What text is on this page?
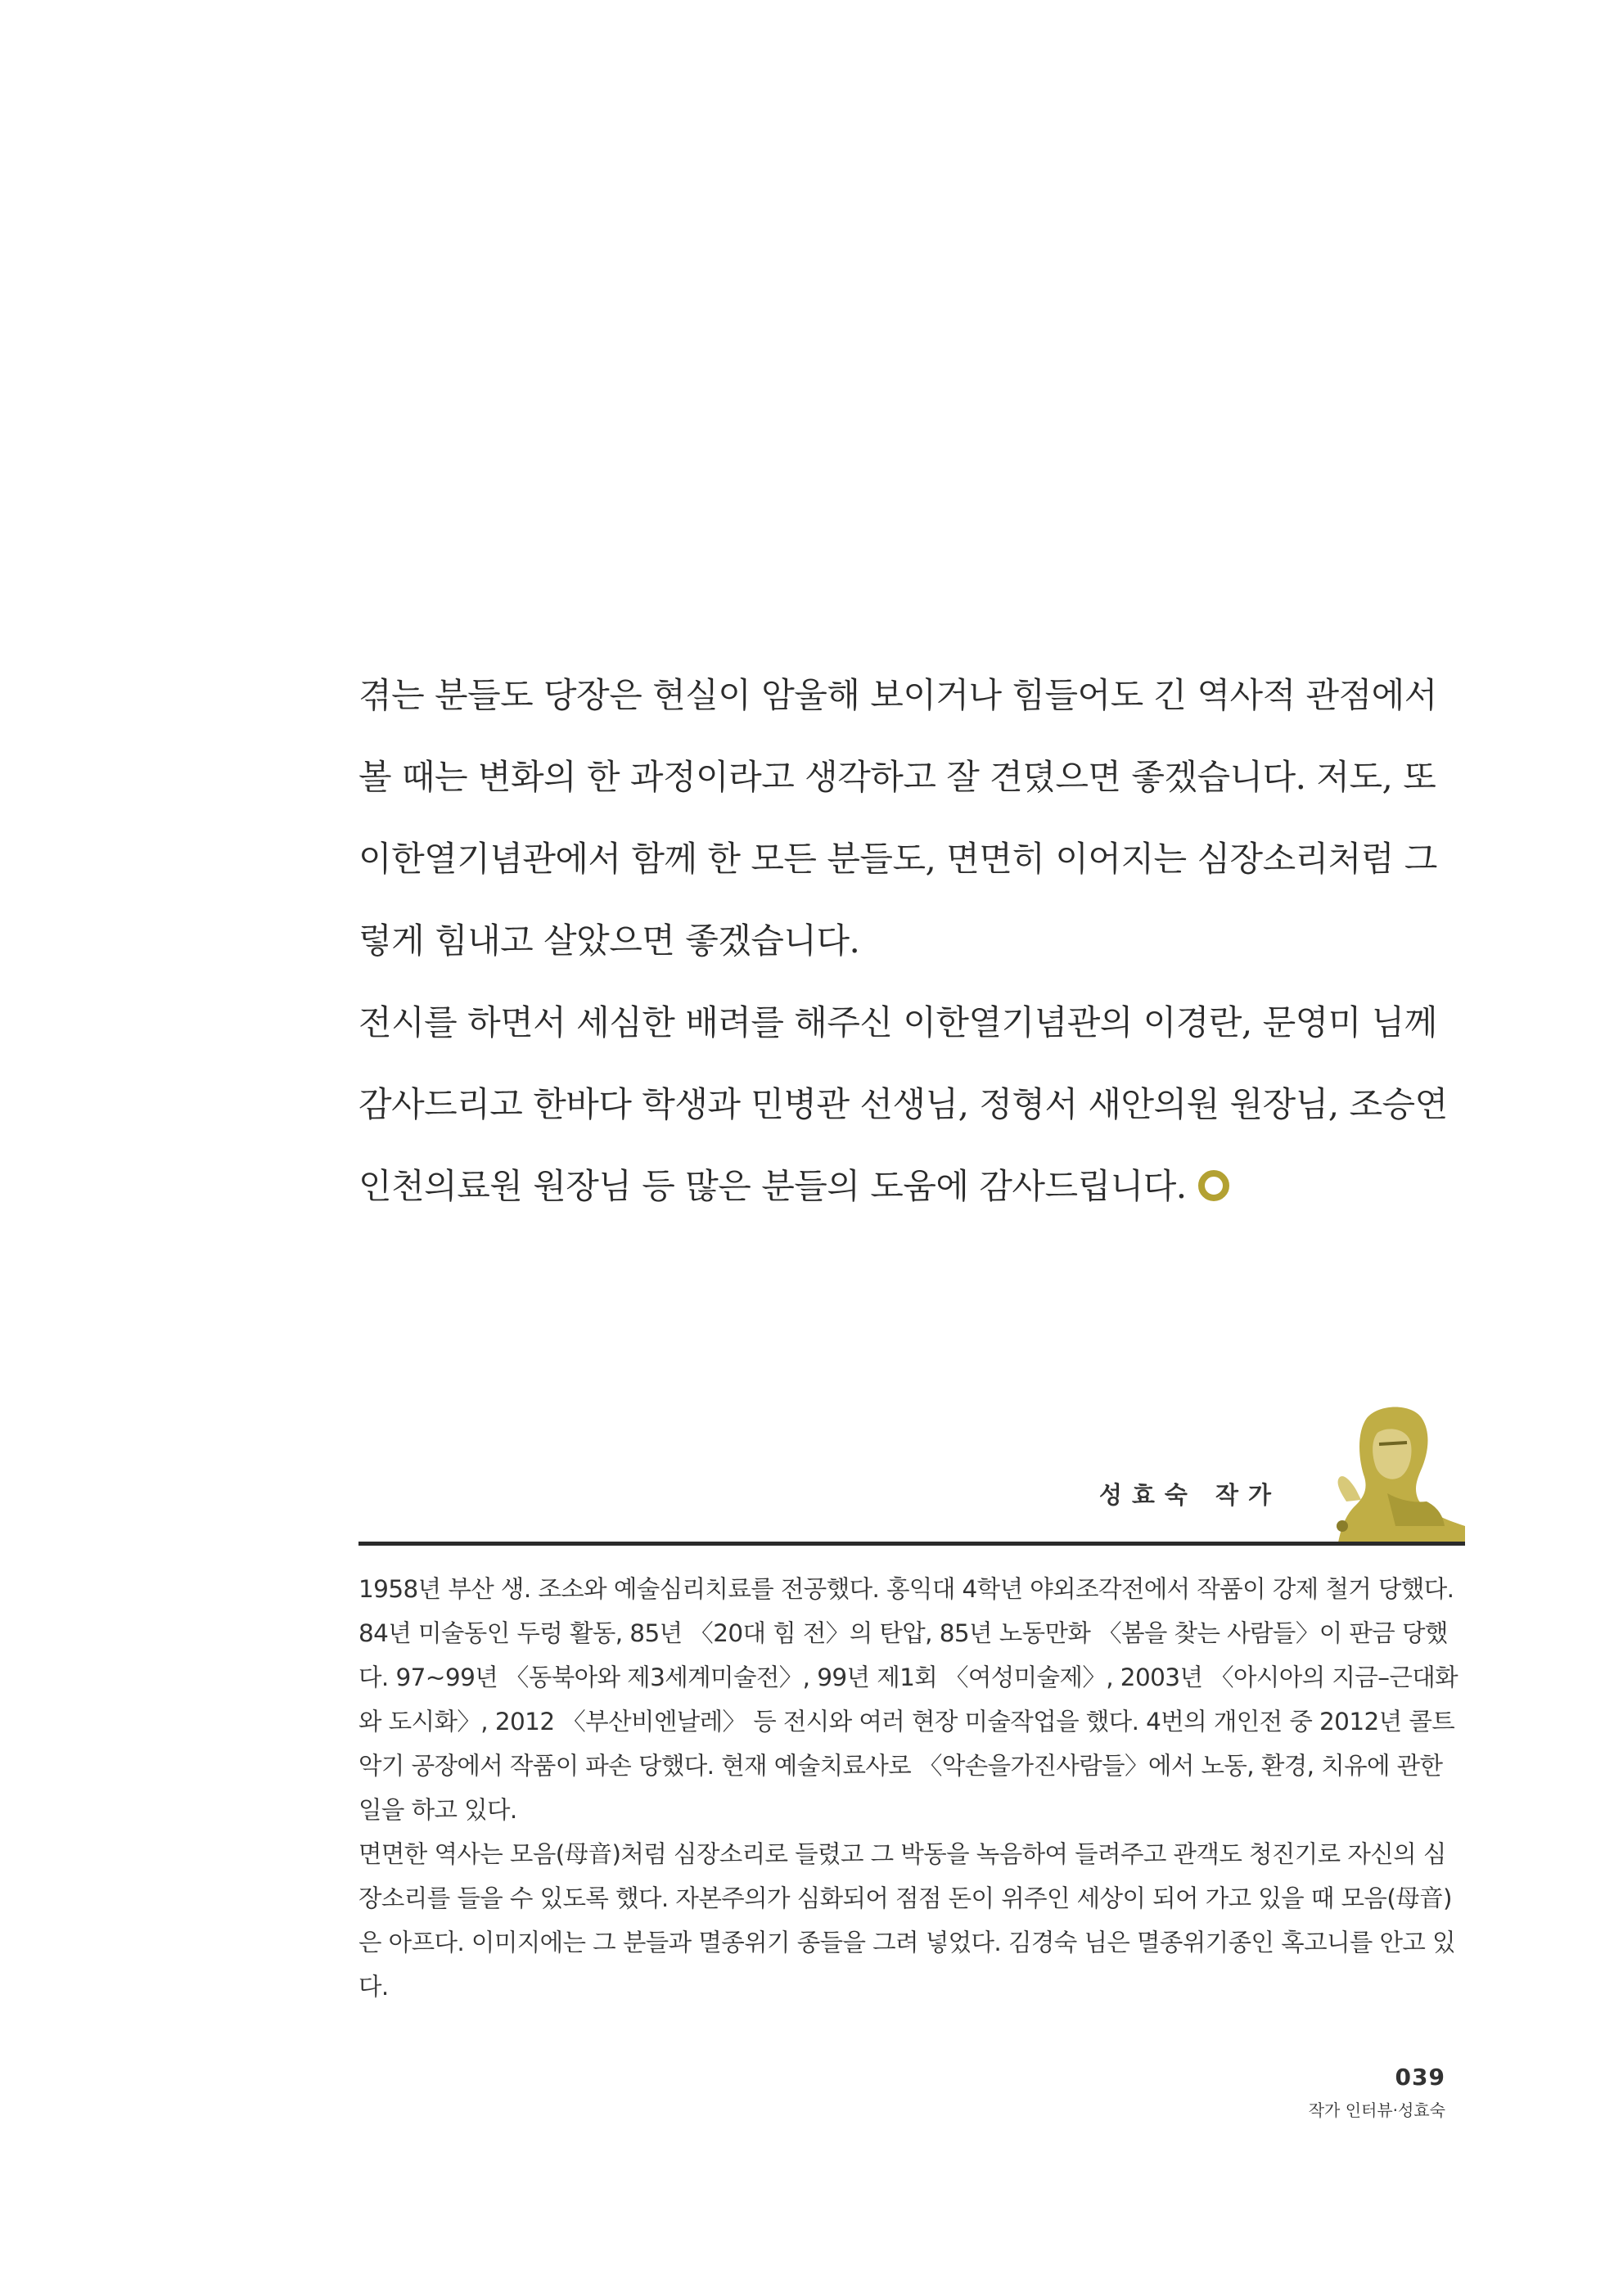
겪는 분들도 당장은 현실이 암울해 보이거나 힘들어도 긴 역사적 관점에서 볼 때는 변화의 한 과정이라고 생각하고 잘 견뎠으면 좋겠습니다. 저도, 또 이한열기념관에서 함께 한 모든 분들도, 면면히 이어지는 심장소리처럼 그렇게 힘내고 살았으면 좋겠습니다.

전시를 하면서 세심한 배려를 해주신 이한열기념관의 이경란, 문영미 님께 감사드리고 한바다 학생과 민병관 선생님, 정형서 새안의원 원장님, 조승연 인천의료원 원장님 등 많은 분들의 도움에 감사드립니다.

성효숙 작가

1958년 부산 생. 조소와 예술심리치료를 전공했다. 홍익대 4학년 야외조각전에서 작품이 강제 철거 당했다. 84년 미술동인 두렁 활동, 85년 〈20대 힘 전〉의 탄압, 85년 노동만화 〈봄을 찾는 사람들〉이 판금 당했다. 97~99년 〈동북아와 제3세계미술전〉, 99년 제1회 〈여성미술제〉, 2003년 〈아시아의 지금–근대화와 도시화〉, 2012 〈부산비엔날레〉 등 전시와 여러 현장 미술작업을 했다. 4번의 개인전 중 2012년 콜트악기 공장에서 작품이 파손 당했다. 현재 예술치료사로 〈악손을가진사람들〉에서 노동, 환경, 치유에 관한 일을 하고 있다.

면면한 역사는 모음(母音)처럼 심장소리로 들렸고 그 박동을 녹음하여 들려주고 관객도 청진기로 자신의 심장소리를 들을 수 있도록 했다. 자본주의가 심화되어 점점 돈이 위주인 세상이 되어 가고 있을 때 모음(母音)은 아프다. 이미지에는 그 분들과 멸종위기 종들을 그려 넣었다. 김경숙 님은 멸종위기종인 혹고니를 안고 있다.

039
작가 인터뷰·성효숙
